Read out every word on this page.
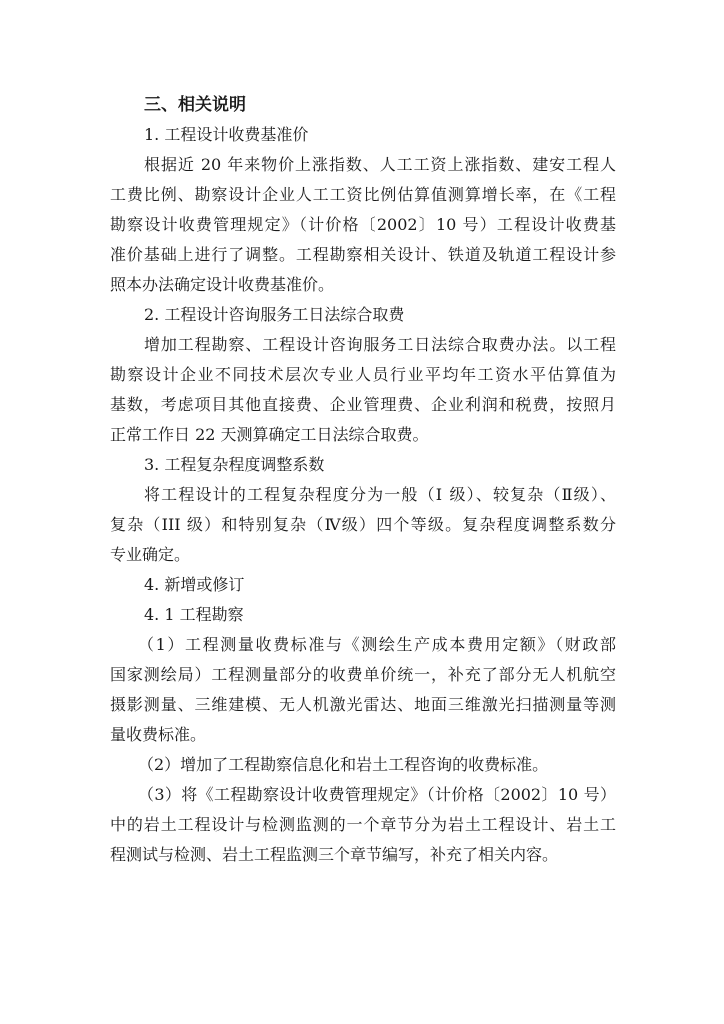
三、相关说明
1. 工程设计收费基准价
根据近 20 年来物价上涨指数、人工工资上涨指数、建安工程人
工费比例、勘察设计企业人工工资比例估算值测算增长率，在《工程
勘察设计收费管理规定》（计价格〔2002〕10 号）工程设计收费基
准价基础上进行了调整。工程勘察相关设计、铁道及轨道工程设计参
照本办法确定设计收费基准价。
2. 工程设计咨询服务工日法综合取费
增加工程勘察、工程设计咨询服务工日法综合取费办法。以工程
勘察设计企业不同技术层次专业人员行业平均年工资水平估算值为
基数，考虑项目其他直接费、企业管理费、企业利润和税费，按照月
正常工作日 22 天测算确定工日法综合取费。
3. 工程复杂程度调整系数
将工程设计的工程复杂程度分为一般（Ⅰ 级）、较复杂（Ⅱ级）、
复杂（III 级）和特别复杂（Ⅳ级）四个等级。复杂程度调整系数分
专业确定。
4. 新增或修订
4. 1 工程勘察
（1）工程测量收费标准与《测绘生产成本费用定额》（财政部
国家测绘局）工程测量部分的收费单价统一，补充了部分无人机航空
摄影测量、三维建模、无人机激光雷达、地面三维激光扫描测量等测
量收费标准。
（2）增加了工程勘察信息化和岩土工程咨询的收费标准。
（3）将《工程勘察设计收费管理规定》（计价格〔2002〕10 号）
中的岩土工程设计与检测监测的一个章节分为岩土工程设计、岩土工
程测试与检测、岩土工程监测三个章节编写，补充了相关内容。
